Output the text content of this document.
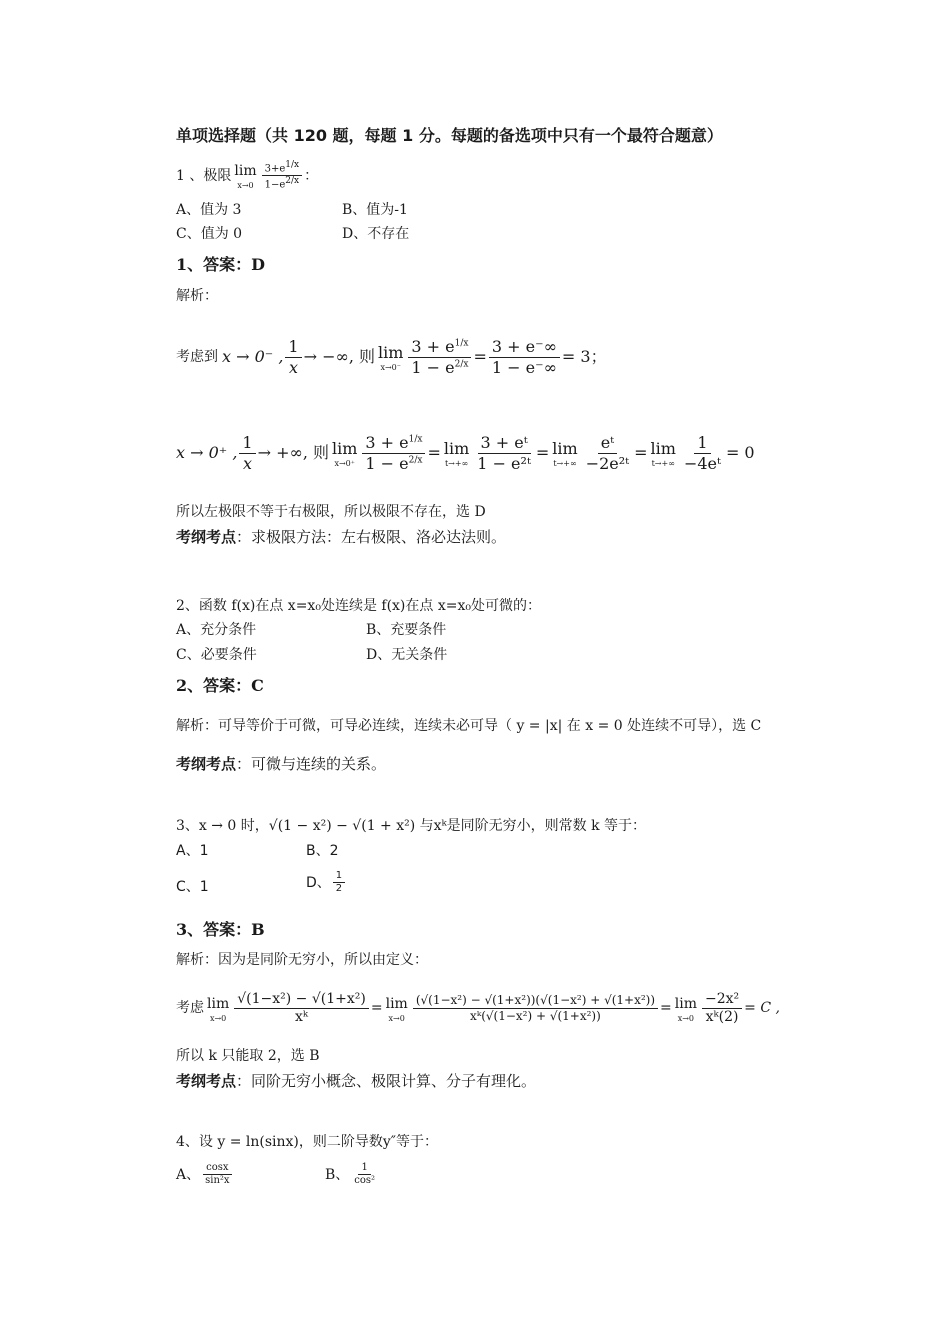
单项选择题（共 120 题，每题 1 分。每题的备选项中只有一个最符合题意）
1 、极限 lim
$x\to 0 \frac{3+e^{1/x}}{1-e^{2/x}}$ ：
A、值为 3	B、值为-1
C、值为 0	D、不存在
1、答案：D
解析：
考虑到 x → 0⁻ ,
1
x
→ −∞, 则 lim
$x\to 0^- \frac{3 + e^{1/x}}{1 - e^{2/x}} = \frac{3 + e^-\infty}{1 - e^-\infty} = 3$；
x → 0⁺ ,
1
x
→ +∞, 则 lim
$x\to 0^+ \frac{3 + e^{1/x}}{1 - e^{2/x}} = \lim$
$t\to+\infty \frac{\text{3 + eᵗ}}{\text{1 − e²ᵗ}} = \lim$
$t\to+\infty \frac{\text{eᵗ}}{\text{−2e²ᵗ}} = \lim$
$t\to+\infty \frac{1}{\text{−4eᵗ}} = 0$
所以左极限不等于右极限，所以极限不存在，选 D
考纲考点：求极限方法：左右极限、洛必达法则。
2、函数 f(x)在点 x=x₀处连续是 f(x)在点 x=x₀处可微的：
A、充分条件	B、充要条件
C、必要条件	D、无关条件
2、答案：C
解析：可导等价于可微，可导必连续，连续未必可导（ y = |x| 在 x = 0 处连续不可导），选 C
考纲考点：可微与连续的关系。
3、x → 0 时，√(1 − x²) − √(1 + x²) 与xᵏ是同阶无穷小，则常数 k 等于：
A、1	B、2
C、1	D、 1
2
3、答案：B
解析：因为是同阶无穷小，所以由定义：
考虑 lim
$x\to 0 \frac{\text{√(1−x²) − √(1+x²)}}{\text{xᵏ}} = \lim$
$x\to 0 \frac{\text{(√(1−x²) − √(1+x²))(√(1−x²) + √(1+x²))}}{\text{xᵏ(√(1−x²) + √(1+x²))}} = \lim$
$x\to 0 \frac{\text{−2x²}}{\text{xᵏ(2)}} = C$ ,
所以 k 只能取 2，选 B
考纲考点：同阶无穷小概念、极限计算、分子有理化。
4、设 y = ln(sinx)，则二阶导数y″等于：
A、 cosx
sin²x	B、	1
cos²
